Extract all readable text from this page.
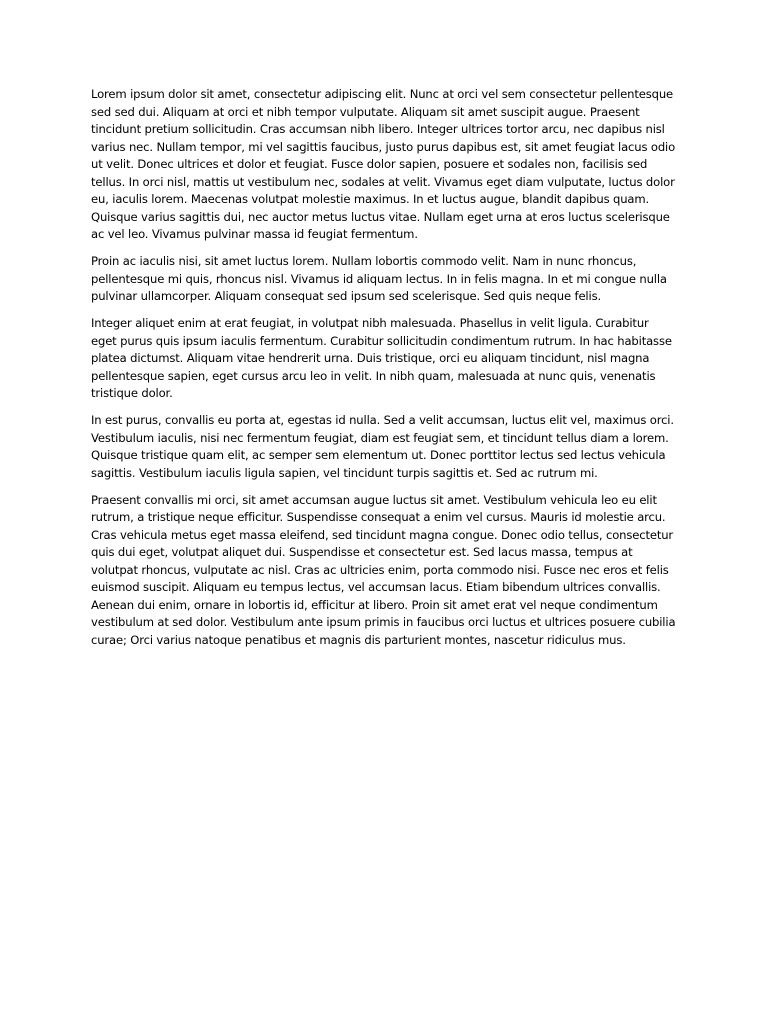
Lorem ipsum dolor sit amet, consectetur adipiscing elit. Nunc at orci vel sem consectetur pellentesque sed sed dui. Aliquam at orci et nibh tempor vulputate. Aliquam sit amet suscipit augue. Praesent tincidunt pretium sollicitudin. Cras accumsan nibh libero. Integer ultrices tortor arcu, nec dapibus nisl varius nec. Nullam tempor, mi vel sagittis faucibus, justo purus dapibus est, sit amet feugiat lacus odio ut velit. Donec ultrices et dolor et feugiat. Fusce dolor sapien, posuere et sodales non, facilisis sed tellus. In orci nisl, mattis ut vestibulum nec, sodales at velit. Vivamus eget diam vulputate, luctus dolor eu, iaculis lorem. Maecenas volutpat molestie maximus. In et luctus augue, blandit dapibus quam. Quisque varius sagittis dui, nec auctor metus luctus vitae. Nullam eget urna at eros luctus scelerisque ac vel leo. Vivamus pulvinar massa id feugiat fermentum.

Proin ac iaculis nisi, sit amet luctus lorem. Nullam lobortis commodo velit. Nam in nunc rhoncus, pellentesque mi quis, rhoncus nisl. Vivamus id aliquam lectus. In in felis magna. In et mi congue nulla pulvinar ullamcorper. Aliquam consequat sed ipsum sed scelerisque. Sed quis neque felis.

Integer aliquet enim at erat feugiat, in volutpat nibh malesuada. Phasellus in velit ligula. Curabitur eget purus quis ipsum iaculis fermentum. Curabitur sollicitudin condimentum rutrum. In hac habitasse platea dictumst. Aliquam vitae hendrerit urna. Duis tristique, orci eu aliquam tincidunt, nisl magna pellentesque sapien, eget cursus arcu leo in velit. In nibh quam, malesuada at nunc quis, venenatis tristique dolor.

In est purus, convallis eu porta at, egestas id nulla. Sed a velit accumsan, luctus elit vel, maximus orci. Vestibulum iaculis, nisi nec fermentum feugiat, diam est feugiat sem, et tincidunt tellus diam a lorem. Quisque tristique quam elit, ac semper sem elementum ut. Donec porttitor lectus sed lectus vehicula sagittis. Vestibulum iaculis ligula sapien, vel tincidunt turpis sagittis et. Sed ac rutrum mi.

Praesent convallis mi orci, sit amet accumsan augue luctus sit amet. Vestibulum vehicula leo eu elit rutrum, a tristique neque efficitur. Suspendisse consequat a enim vel cursus. Mauris id molestie arcu. Cras vehicula metus eget massa eleifend, sed tincidunt magna congue. Donec odio tellus, consectetur quis dui eget, volutpat aliquet dui. Suspendisse et consectetur est. Sed lacus massa, tempus at volutpat rhoncus, vulputate ac nisl. Cras ac ultricies enim, porta commodo nisi. Fusce nec eros et felis euismod suscipit. Aliquam eu tempus lectus, vel accumsan lacus. Etiam bibendum ultrices convallis. Aenean dui enim, ornare in lobortis id, efficitur at libero. Proin sit amet erat vel neque condimentum vestibulum at sed dolor. Vestibulum ante ipsum primis in faucibus orci luctus et ultrices posuere cubilia curae; Orci varius natoque penatibus et magnis dis parturient montes, nascetur ridiculus mus.
